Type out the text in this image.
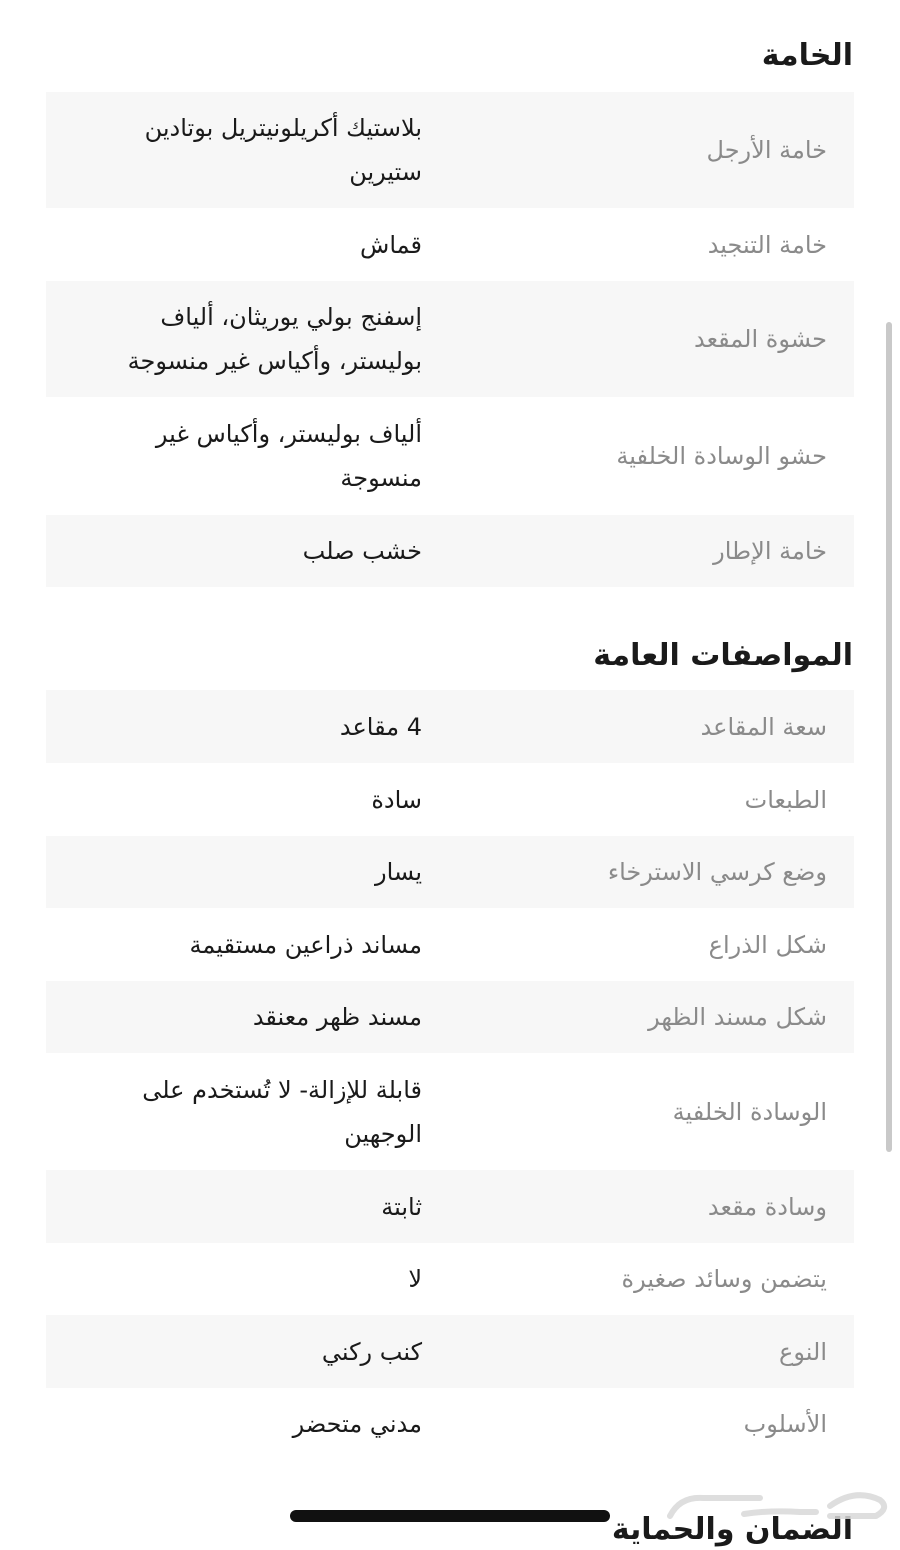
الخامة
خامة الأرجل
بلاستيك أكريلونيتريل بوتادين ستيرين
خامة التنجيد
قماش
حشوة المقعد
إسفنج بولي يوريثان، ألياف بوليستر، وأكياس غير منسوجة
حشو الوسادة الخلفية
ألياف بوليستر، وأكياس غير منسوجة
خامة الإطار
خشب صلب
المواصفات العامة
سعة المقاعد
4 مقاعد
الطبعات
سادة
وضع كرسي الاسترخاء
يسار
شكل الذراع
مساند ذراعين مستقيمة
شكل مسند الظهر
مسند ظهر معنقد
الوسادة الخلفية
قابلة للإزالة- لا تُستخدم على الوجهين
وسادة مقعد
ثابتة
يتضمن وسائد صغيرة
لا
النوع
كنب ركني
الأسلوب
مدني متحضر
الضمان والحماية
